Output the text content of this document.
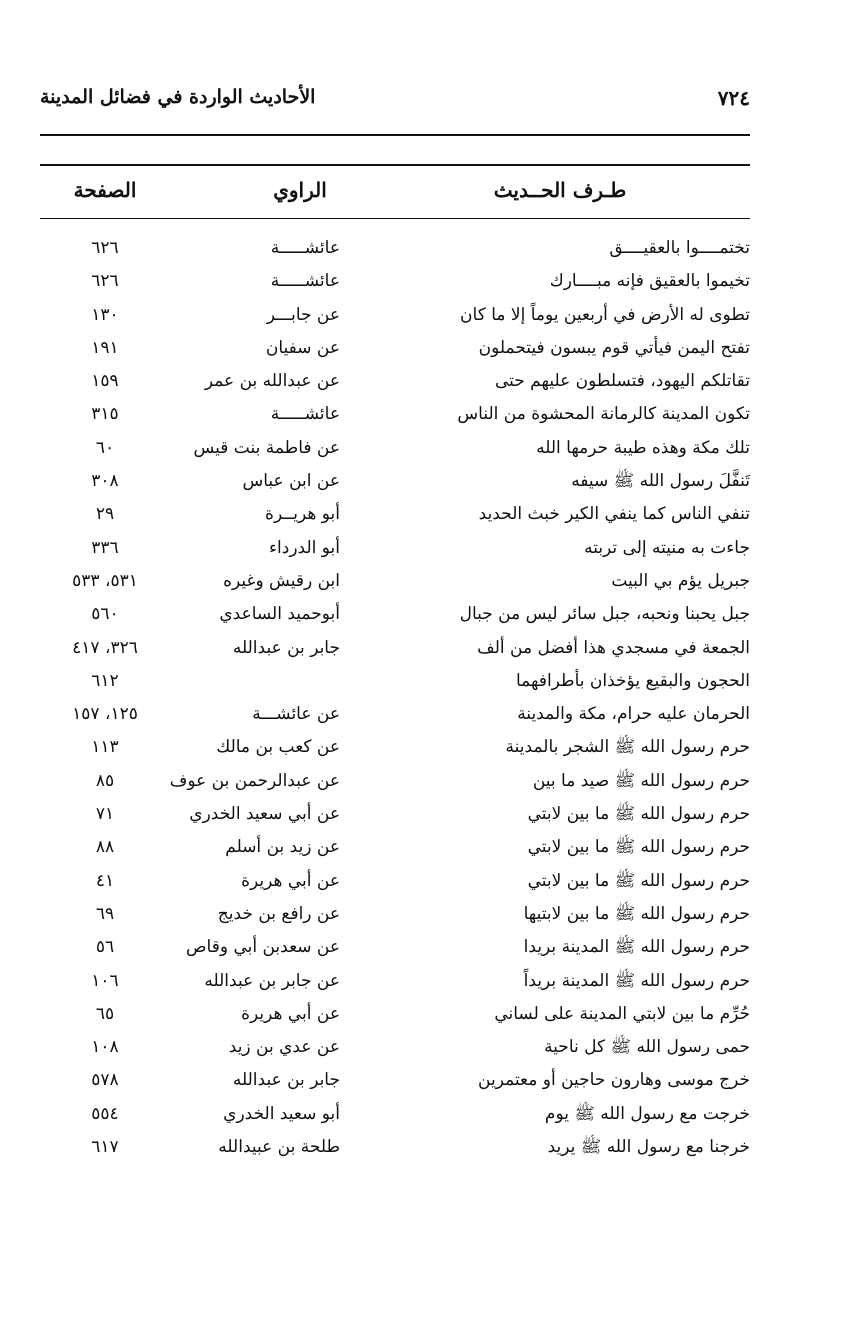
٧٢٤
الأحاديث الواردة في فضائل المدينة
طـرف الحــديث
الراوي
الصفحة
تختمــــوا بالعقيــــق
عائشـــــة
٦٢٦
تخيموا بالعقيق فإنه مبــــارك
عائشـــــة
٦٢٦
تطوى له الأرض في أربعين يوماً إلا ما كان
عن جابـــر
١٣٠
تفتح اليمن فيأتي قوم يبسون فيتحملون
عن سفيان
١٩١
تقاتلكم اليهود، فتسلطون عليهم حتى
عن عبدالله بن عمر
١٥٩
تكون المدينة كالرمانة المحشوة من الناس
عائشـــــة
٣١٥
تلك مكة وهذه طيبة حرمها الله
عن فاطمة بنت قيس
٦٠
تَنفَّلَ رسول الله ﷺ سيفه
عن ابن عباس
٣٠٨
تنفي الناس كما ينفي الكير خبث الحديد
أبو هريــرة
٢٩
جاءت به منيته إلى تربته
أبو الدرداء
٣٣٦
جبريل يؤم بي البيت
ابن رقيش وغيره
٥٣١، ٥٣٣
جبل يحبنا ونحبه، جبل سائر ليس من جبال
أبوحميد الساعدي
٥٦٠
الجمعة في مسجدي هذا أفضل من ألف
جابر بن عبدالله
٣٢٦، ٤١٧
الحجون والبقيع يؤخذان بأطرافهما
٦١٢
الحرمان عليه حرام، مكة والمدينة
عن عائشـــة
١٢٥، ١٥٧
حرم رسول الله ﷺ الشجر بالمدينة
عن كعب بن مالك
١١٣
حرم رسول الله ﷺ صيد ما بين
عن عبدالرحمن بن عوف
٨٥
حرم رسول الله ﷺ ما بين لابتي
عن أبي سعيد الخدري
٧١
حرم رسول الله ﷺ ما بين لابتي
عن زيد بن أسلم
٨٨
حرم رسول الله ﷺ ما بين لابتي
عن أبي هريرة
٤١
حرم رسول الله ﷺ ما بين لابتيها
عن رافع بن خديج
٦٩
حرم رسول الله ﷺ المدينة بريدا
عن سعدبن أبي وقاص
٥٦
حرم رسول الله ﷺ المدينة بريداً
عن جابر بن عبدالله
١٠٦
حُرِّم ما بين لابتي المدينة على لساني
عن أبي هريرة
٦٥
حمى رسول الله ﷺ كل ناحية
عن عدي بن زيد
١٠٨
خرج موسى وهارون حاجين أو معتمرين
جابر بن عبدالله
٥٧٨
خرجت مع رسول الله ﷺ يوم
أبو سعيد الخدري
٥٥٤
خرجنا مع رسول الله ﷺ يريد
طلحة بن عبيدالله
٦١٧
